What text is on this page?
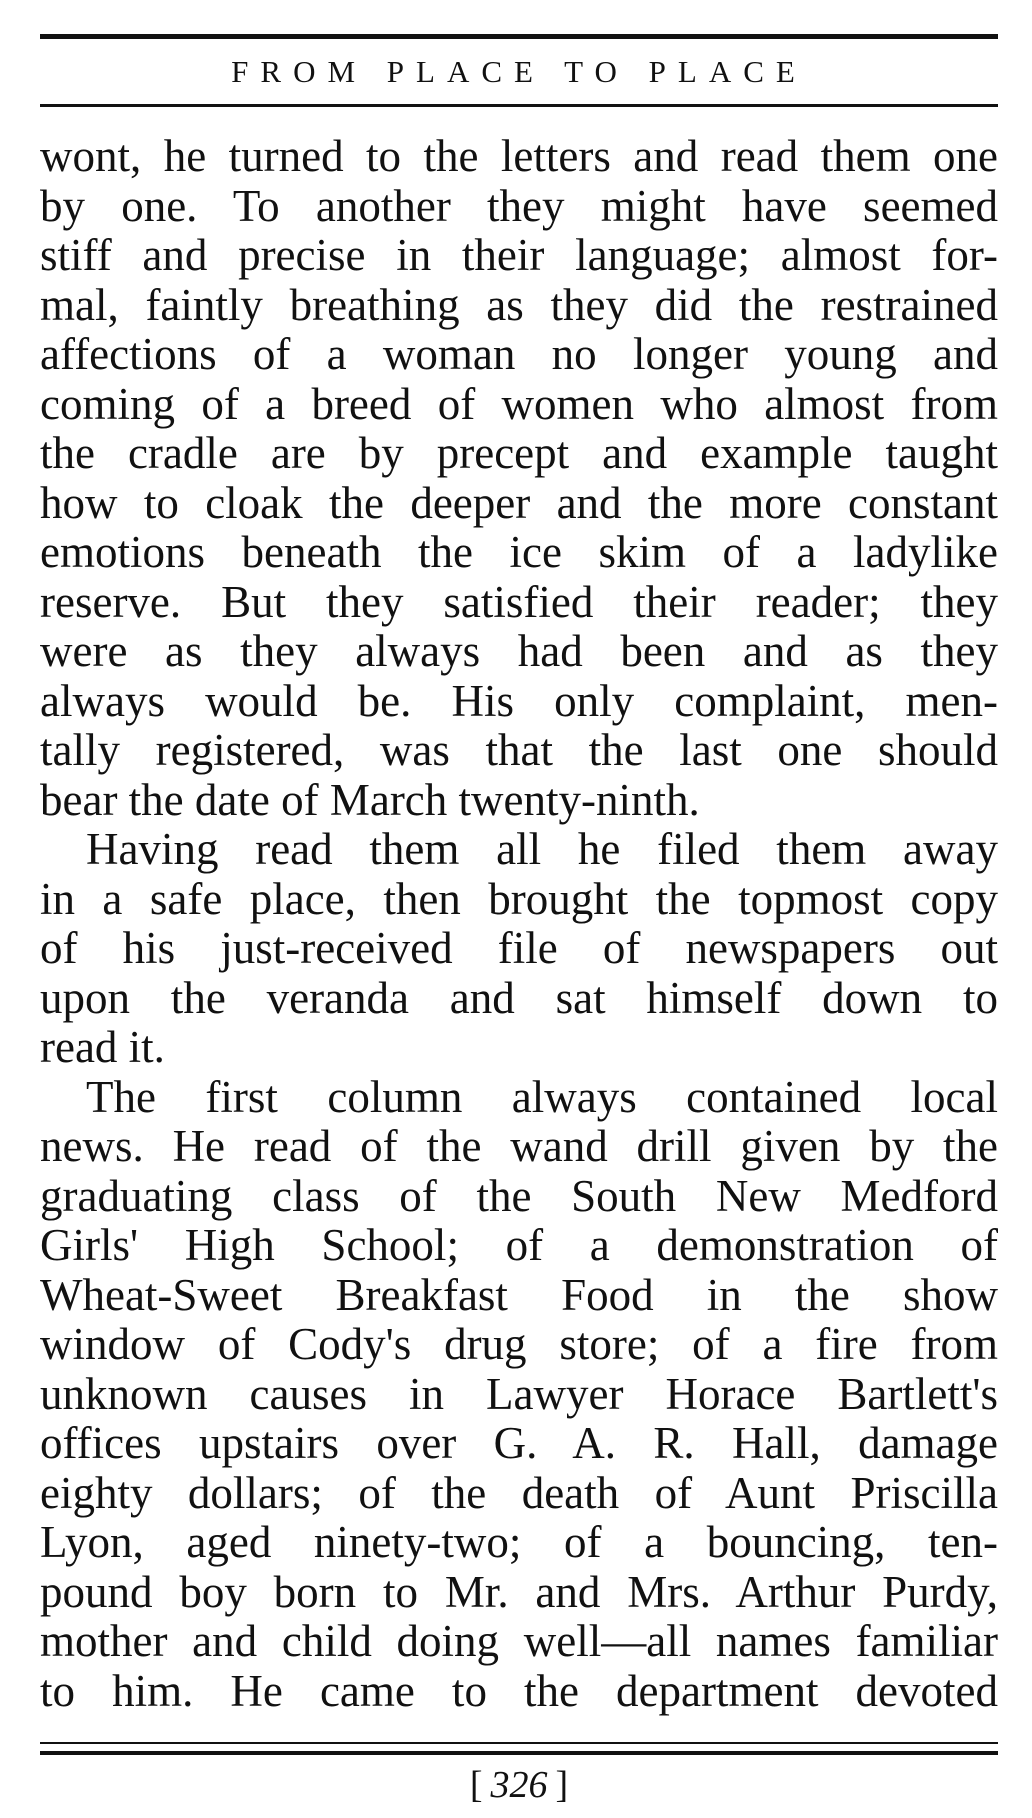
FROM PLACE TO PLACE
wont, he turned to the letters and read them one
by one. To another they might have seemed
stiff and precise in their language; almost for-
mal, faintly breathing as they did the restrained
affections of a woman no longer young and
coming of a breed of women who almost from
the cradle are by precept and example taught
how to cloak the deeper and the more constant
emotions beneath the ice skim of a ladylike
reserve. But they satisfied their reader; they
were as they always had been and as they
always would be. His only complaint, men-
tally registered, was that the last one should
bear the date of March twenty-ninth.
Having read them all he filed them away
in a safe place, then brought the topmost copy
of his just-received file of newspapers out
upon the veranda and sat himself down to
read it.
The first column always contained local
news. He read of the wand drill given by the
graduating class of the South New Medford
Girls' High School; of a demonstration of
Wheat-Sweet Breakfast Food in the show
window of Cody's drug store; of a fire from
unknown causes in Lawyer Horace Bartlett's
offices upstairs over G. A. R. Hall, damage
eighty dollars; of the death of Aunt Priscilla
Lyon, aged ninety-two; of a bouncing, ten-
pound boy born to Mr. and Mrs. Arthur Purdy,
mother and child doing well—all names familiar
to him. He came to the department devoted
[ 326 ]
